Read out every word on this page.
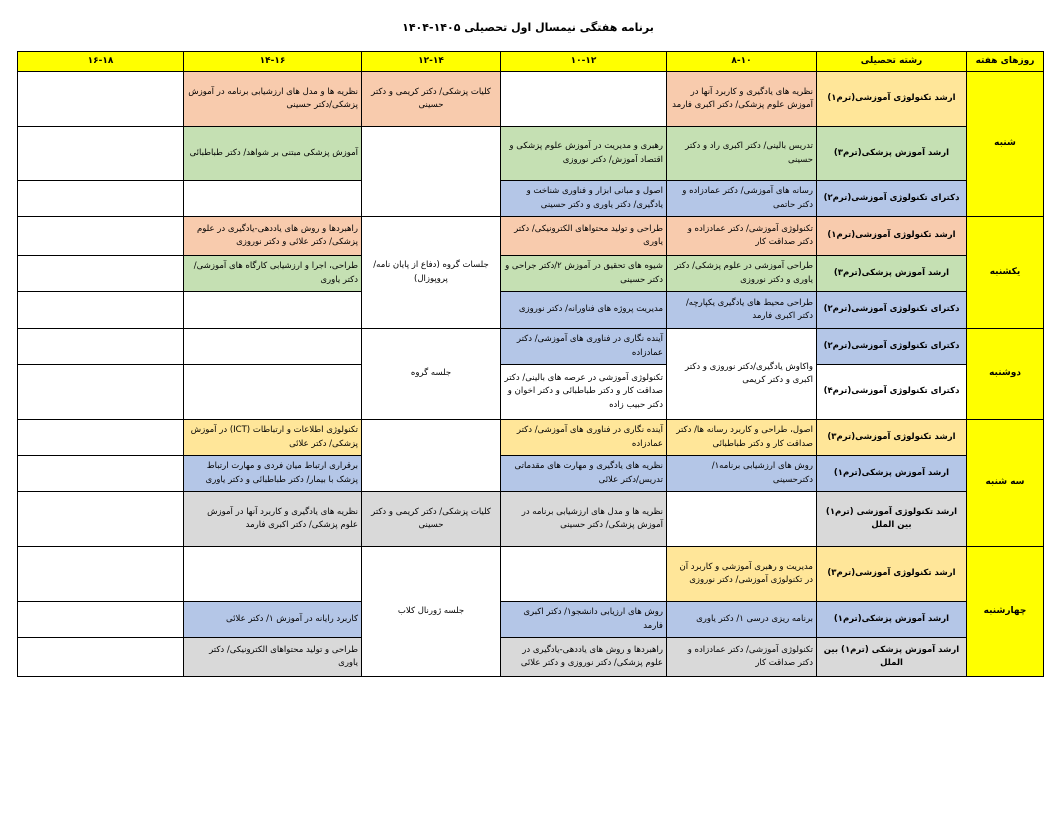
برنامه هفتگی نیمسال اول تحصیلی ۱۴۰۵-۱۴۰۴
روزهای هفته	رشته تحصیلی	۸-۱۰	۱۰-۱۲	۱۲-۱۴	۱۴-۱۶	۱۶-۱۸
شنبه	ارشد تکنولوژی آموزشی(ترم۱)	نظریه های یادگیری و کاربرد آنها در آموزش علوم پزشکی/ دکتر اکبری فارمد		کلیات پزشکی/ دکتر کریمی و دکتر حسینی	نظریه ها و مدل های ارزشیابی برنامه در آموزش پزشکی/دکتر حسینی	
	ارشد آموزش پزشکی(ترم۳)	تدریس بالینی/ دکتر اکبری راد و دکتر حسینی	رهبری و مدیریت در آموزش علوم پزشکی و اقتصاد آموزش/ دکتر نوروزی		آموزش پزشکی مبتنی بر شواهد/ دکتر طباطبائی	
	دکترای تکنولوژی آموزشی(ترم۲)	رسانه های آموزشی/ دکتر عمادزاده و دکتر حاتمی	اصول و مبانی ابزار و فناوری شناخت و یادگیری/ دکتر یاوری و دکتر حسینی			
یکشنبه	ارشد تکنولوژی آموزشی(ترم۱)	تکنولوژی آموزشی/ دکتر عمادزاده و دکتر صداقت کار	طراحی و تولید محتواهای الکترونیکی/ دکتر یاوری	جلسات گروه (دفاع از پایان نامه/پروپوزال)	راهبردها و روش های یاددهی-یادگیری در علوم پزشکی/ دکتر علائی و دکتر نوروزی	
	ارشد آموزش پزشکی(ترم۳)	طراحی آموزشی در علوم پزشکی/ دکتر یاوری و دکتر نوروزی	شیوه های تحقیق در آموزش ۲/دکتر جراحی و دکتر حسینی		طراحی، اجرا و ارزشیابی کارگاه های آموزشی/ دکتر یاوری	
	دکترای تکنولوژی آموزشی(ترم۲)	طراحی محیط های یادگیری یکپارچه/ دکتر اکبری فارمد	مدیریت پروژه های فناورانه/ دکتر نوروزی			
دوشنبه	دکترای تکنولوژی آموزشی(ترم۲)	واکاوش یادگیری/دکتر نوروزی و دکتر اکبری و دکتر کریمی	آینده نگاری در فناوری های آموزشی/ دکتر عمادزاده	جلسه گروه		
	دکترای تکنولوژی آموزشی(ترم۴)		تکنولوژی آموزشی در عرصه های بالینی/ دکتر صداقت کار و دکتر طباطبائی و دکتر اخوان و دکتر حبیب زاده			
سه شنبه	ارشد تکنولوژی آموزشی(ترم۳)	اصول، طراحی و کاربرد رسانه ها/ دکتر صداقت کار و دکتر طباطبائی	آینده نگاری در فناوری های آموزشی/ دکتر عمادزاده		تکنولوژی اطلاعات و ارتباطات (ICT) در آموزش پزشکی/ دکتر علائی	
	ارشد آموزش پزشکی(ترم۱)	روش های ارزشیابی برنامه۱/ دکترحسینی	نظریه های یادگیری و مهارت های مقدماتی تدریس/دکتر علائی		برقراری ارتباط میان فردی و مهارت ارتباط پزشک با بیمار/ دکتر طباطبائی و دکتر یاوری	
	ارشد تکنولوژی آموزشی (ترم۱) بین الملل		نظریه ها و مدل های ارزشیابی برنامه در آموزش پزشکی/ دکتر حسینی	کلیات پزشکی/ دکتر کریمی و دکتر حسینی	نظریه های یادگیری و کاربرد آنها در آموزش علوم پزشکی/ دکتر اکبری فارمد	
چهارشنبه	ارشد تکنولوژی آموزشی(ترم۳)	مدیریت و رهبری آموزشی و کاربرد آن در تکنولوژی آموزشی/ دکتر نوروزی		جلسه ژورنال کلاب		
	ارشد آموزش پزشکی(ترم۱)	برنامه ریزی درسی ۱/ دکتر یاوری	روش های ارزیابی دانشجو۱/ دکتر اکبری فارمد		کاربرد رایانه در آموزش ۱/ دکتر علائی	
	ارشد آموزش پزشکی (ترم۱) بین الملل	تکنولوژی آموزشی/ دکتر عمادزاده و دکتر صداقت کار	راهبردها و روش های یاددهی-یادگیری در علوم پزشکی/ دکتر نوروزی و دکتر علائی		طراحی و تولید محتواهای الکترونیکی/ دکتر یاوری	
